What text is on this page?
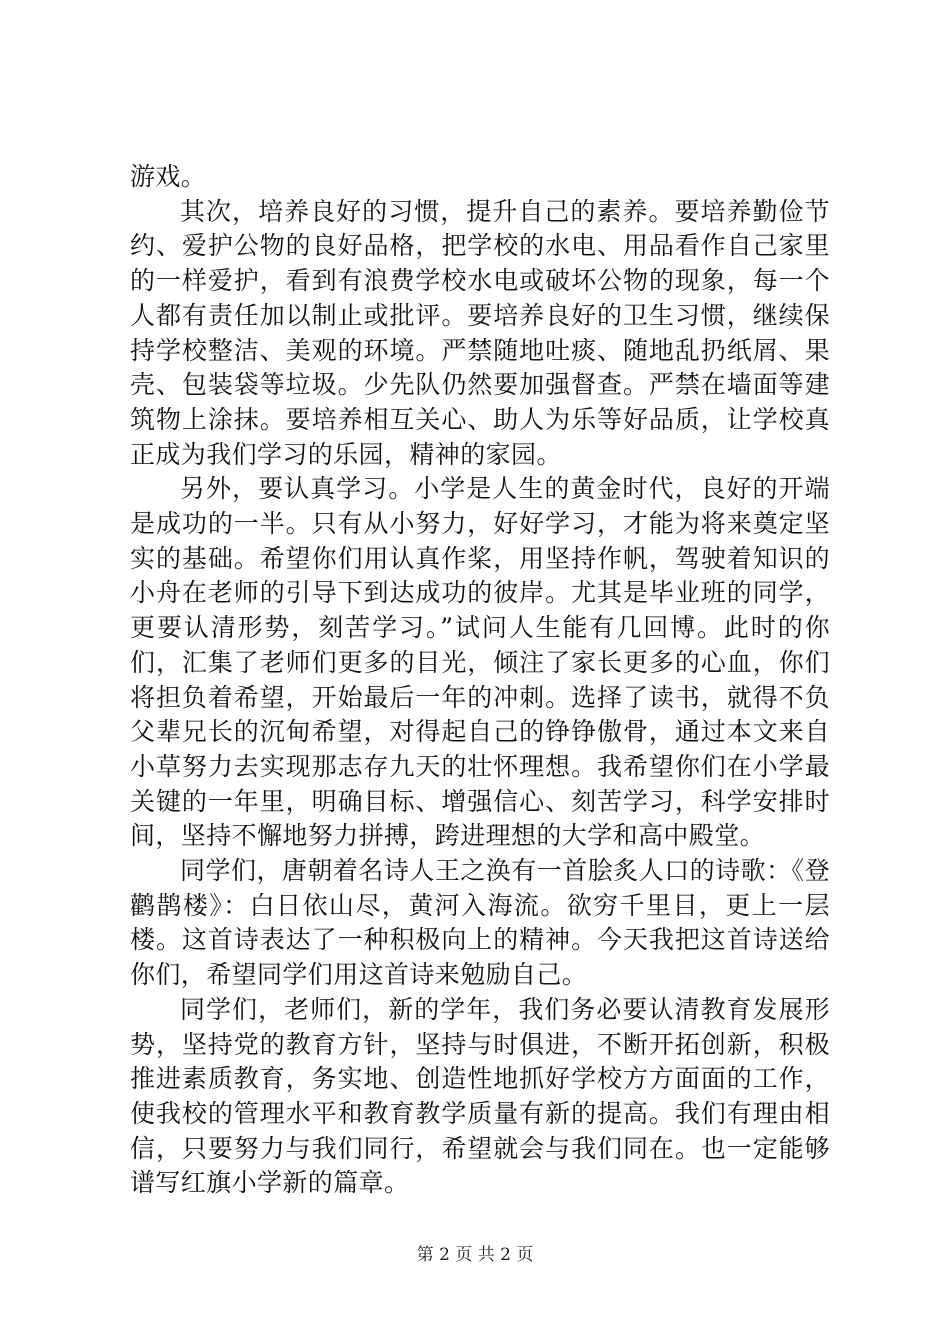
游戏。

其次，培养良好的习惯，提升自己的素养。要培养勤俭节约、爱护公物的良好品格，把学校的水电、用品看作自己家里的一样爱护，看到有浪费学校水电或破坏公物的现象，每一个人都有责任加以制止或批评。要培养良好的卫生习惯，继续保持学校整洁、美观的环境。严禁随地吐痰、随地乱扔纸屑、果壳、包装袋等垃圾。少先队仍然要加强督查。严禁在墙面等建筑物上涂抹。要培养相互关心、助人为乐等好品质，让学校真正成为我们学习的乐园，精神的家园。

另外，要认真学习。小学是人生的黄金时代，良好的开端是成功的一半。只有从小努力，好好学习，才能为将来奠定坚实的基础。希望你们用认真作桨，用坚持作帆，驾驶着知识的小舟在老师的引导下到达成功的彼岸。尤其是毕业班的同学，更要认清形势，刻苦学习。”试问人生能有几回博。此时的你们，汇集了老师们更多的目光，倾注了家长更多的心血，你们将担负着希望，开始最后一年的冲刺。选择了读书，就得不负父辈兄长的沉甸希望，对得起自己的铮铮傲骨，通过本文来自小草努力去实现那志存九天的壮怀理想。我希望你们在小学最关键的一年里，明确目标、增强信心、刻苦学习，科学安排时间，坚持不懈地努力拼搏，跨进理想的大学和高中殿堂。

同学们，唐朝着名诗人王之涣有一首脍炙人口的诗歌：《登鹳鹊楼》：白日依山尽，黄河入海流。欲穷千里目，更上一层楼。这首诗表达了一种积极向上的精神。今天我把这首诗送给你们，希望同学们用这首诗来勉励自己。

同学们，老师们，新的学年，我们务必要认清教育发展形势，坚持党的教育方针，坚持与时俱进，不断开拓创新，积极推进素质教育，务实地、创造性地抓好学校方方面面的工作，使我校的管理水平和教育教学质量有新的提高。我们有理由相信，只要努力与我们同行，希望就会与我们同在。也一定能够谱写红旗小学新的篇章。

第 2 页 共 2 页
